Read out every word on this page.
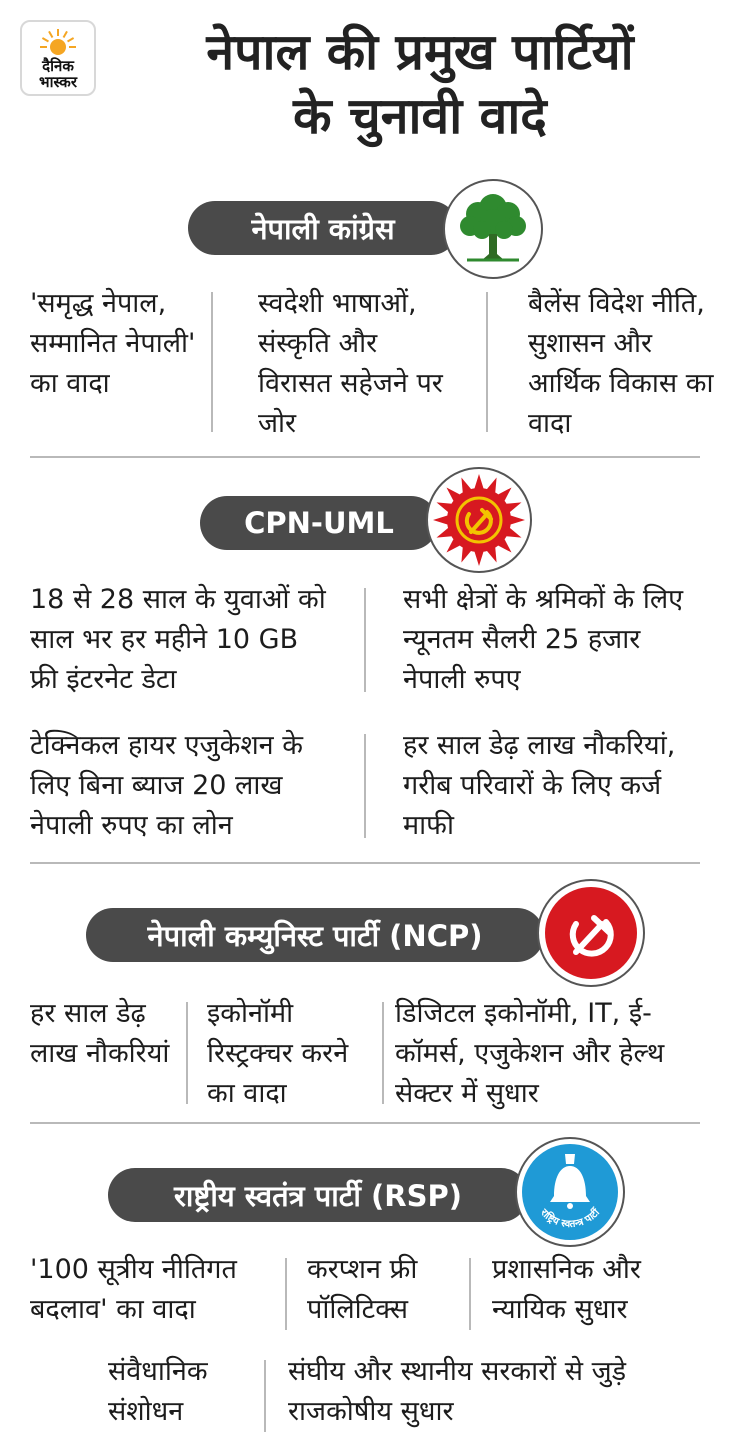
दैनिक
भास्कर
नेपाल की प्रमुख पार्टियों
के चुनावी वादे
नेपाली कांग्रेस
'समृद्ध नेपाल, सम्मानित नेपाली' का वादा
स्वदेशी भाषाओं, संस्कृति और विरासत सहेजने पर जोर
बैलेंस विदेश नीति, सुशासन और आर्थिक विकास का वादा
CPN-UML
18 से 28 साल के युवाओं को साल भर हर महीने 10 GB फ्री इंटरनेट डेटा
सभी क्षेत्रों के श्रमिकों के लिए न्यूनतम सैलरी 25 हजार नेपाली रुपए
टेक्निकल हायर एजुकेशन के लिए बिना ब्याज 20 लाख नेपाली रुपए का लोन
हर साल डेढ़ लाख नौकरियां, गरीब परिवारों के लिए कर्ज माफी
नेपाली कम्युनिस्ट पार्टी (NCP)
हर साल डेढ़ लाख नौकरियां
इकोनॉमी रिस्ट्रक्चर करने का वादा
डिजिटल इकोनॉमी, IT, ई-कॉमर्स, एजुकेशन और हेल्थ सेक्टर में सुधार
राष्ट्रीय स्वतंत्र पार्टी (RSP)
राष्ट्रिय स्वतन्त्र पार्टी
'100 सूत्रीय नीतिगत बदलाव' का वादा
करप्शन फ्री पॉलिटिक्स
प्रशासनिक और न्यायिक सुधार
संवैधानिक संशोधन
संघीय और स्थानीय सरकारों से जुड़े राजकोषीय सुधार
